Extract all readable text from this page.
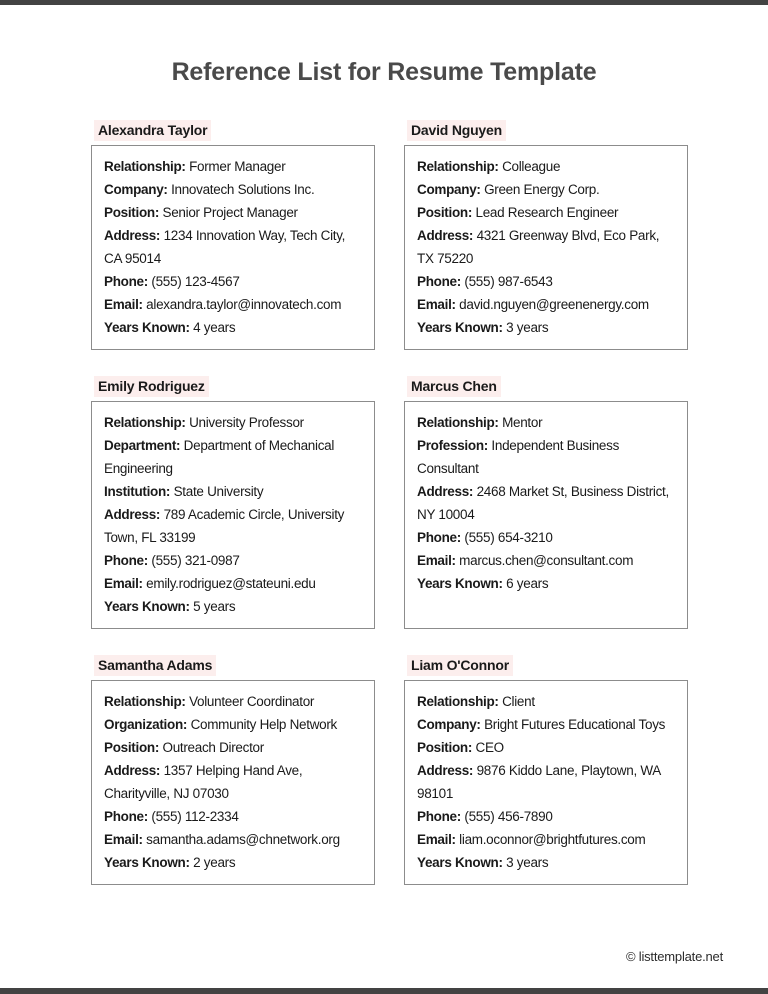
Reference List for Resume Template
Alexandra Taylor

Relationship: Former Manager

Company: Innovatech Solutions Inc.

Position: Senior Project Manager

Address: 1234 Innovation Way, Tech City, CA 95014

Phone: (555) 123-4567

Email: alexandra.taylor@innovatech.com

Years Known: 4 years

David Nguyen

Relationship: Colleague

Company: Green Energy Corp.

Position: Lead Research Engineer

Address: 4321 Greenway Blvd, Eco Park, TX 75220

Phone: (555) 987-6543

Email: david.nguyen@greenenergy.com

Years Known: 3 years

Emily Rodriguez

Relationship: University Professor

Department: Department of Mechanical Engineering

Institution: State University

Address: 789 Academic Circle, University Town, FL 33199

Phone: (555) 321-0987

Email: emily.rodriguez@stateuni.edu

Years Known: 5 years

Marcus Chen

Relationship: Mentor

Profession: Independent Business Consultant

Address: 2468 Market St, Business District, NY 10004

Phone: (555) 654-3210

Email: marcus.chen@consultant.com

Years Known: 6 years

Samantha Adams

Relationship: Volunteer Coordinator

Organization: Community Help Network

Position: Outreach Director

Address: 1357 Helping Hand Ave, Charityville, NJ 07030

Phone: (555) 112-2334

Email: samantha.adams@chnetwork.org

Years Known: 2 years

Liam O'Connor

Relationship: Client

Company: Bright Futures Educational Toys

Position: CEO

Address: 9876 Kiddo Lane, Playtown, WA 98101

Phone: (555) 456-7890

Email: liam.oconnor@brightfutures.com

Years Known: 3 years

© listtemplate.net
